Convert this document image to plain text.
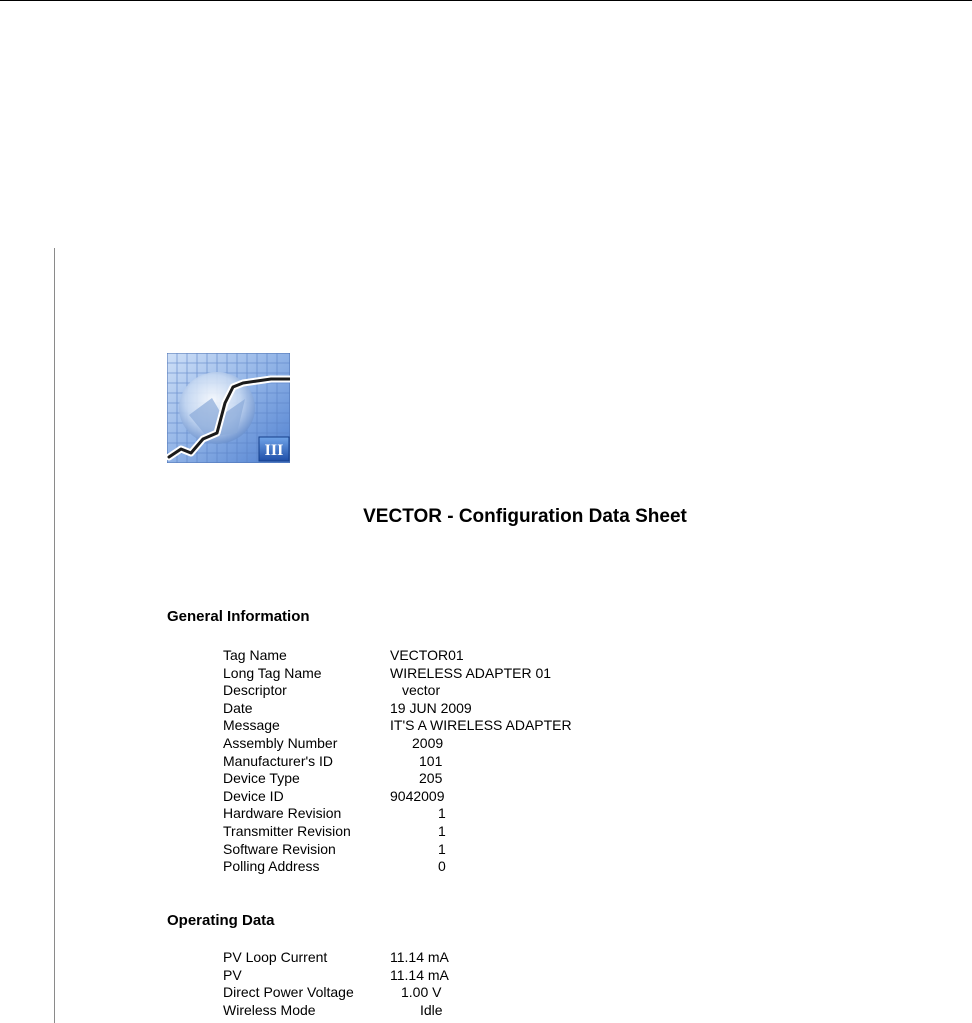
III
VECTOR - Configuration Data Sheet
General Information
Tag Name	VECTOR01
Long Tag Name	WIRELESS ADAPTER 01
Descriptor	vector
Date	19 JUN 2009
Message	IT'S A WIRELESS ADAPTER
Assembly Number	2009
Manufacturer's ID	101
Device Type	205
Device ID	9042009
Hardware Revision	1
Transmitter Revision	1
Software Revision	1
Polling Address	0
Operating Data
PV Loop Current	11.14 mA
PV	11.14 mA
Direct Power Voltage	1.00 V
Wireless Mode	Idle
